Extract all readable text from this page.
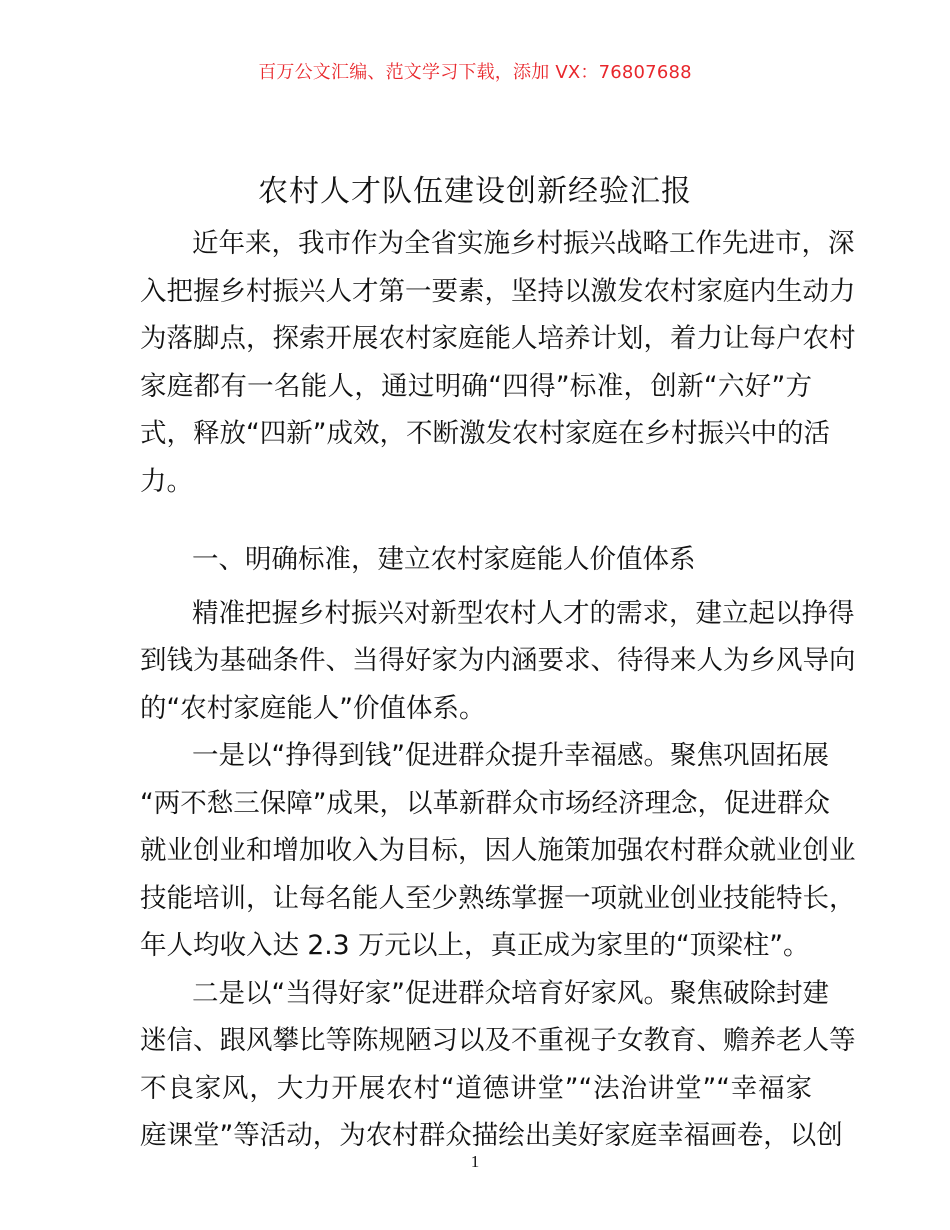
百万公文汇编、范文学习下载，添加 VX：76807688
农村人才队伍建设创新经验汇报
近年来，我市作为全省实施乡村振兴战略工作先进市，深
入把握乡村振兴人才第一要素，坚持以激发农村家庭内生动力
为落脚点，探索开展农村家庭能人培养计划，着力让每户农村
家庭都有一名能人，通过明确“四得”标准，创新“六好”方
式，释放“四新”成效，不断激发农村家庭在乡村振兴中的活
力。
一、明确标准，建立农村家庭能人价值体系
精准把握乡村振兴对新型农村人才的需求，建立起以挣得
到钱为基础条件、当得好家为内涵要求、待得来人为乡风导向
的“农村家庭能人”价值体系。
一是以“挣得到钱”促进群众提升幸福感。聚焦巩固拓展
“两不愁三保障”成果，以革新群众市场经济理念，促进群众
就业创业和增加收入为目标，因人施策加强农村群众就业创业
技能培训，让每名能人至少熟练掌握一项就业创业技能特长，
年人均收入达 2.3 万元以上，真正成为家里的“顶梁柱”。
二是以“当得好家”促进群众培育好家风。聚焦破除封建
迷信、跟风攀比等陈规陋习以及不重视子女教育、赡养老人等
不良家风，大力开展农村“道德讲堂”“法治讲堂”“幸福家
庭课堂”等活动，为农村群众描绘出美好家庭幸福画卷，以创
1
